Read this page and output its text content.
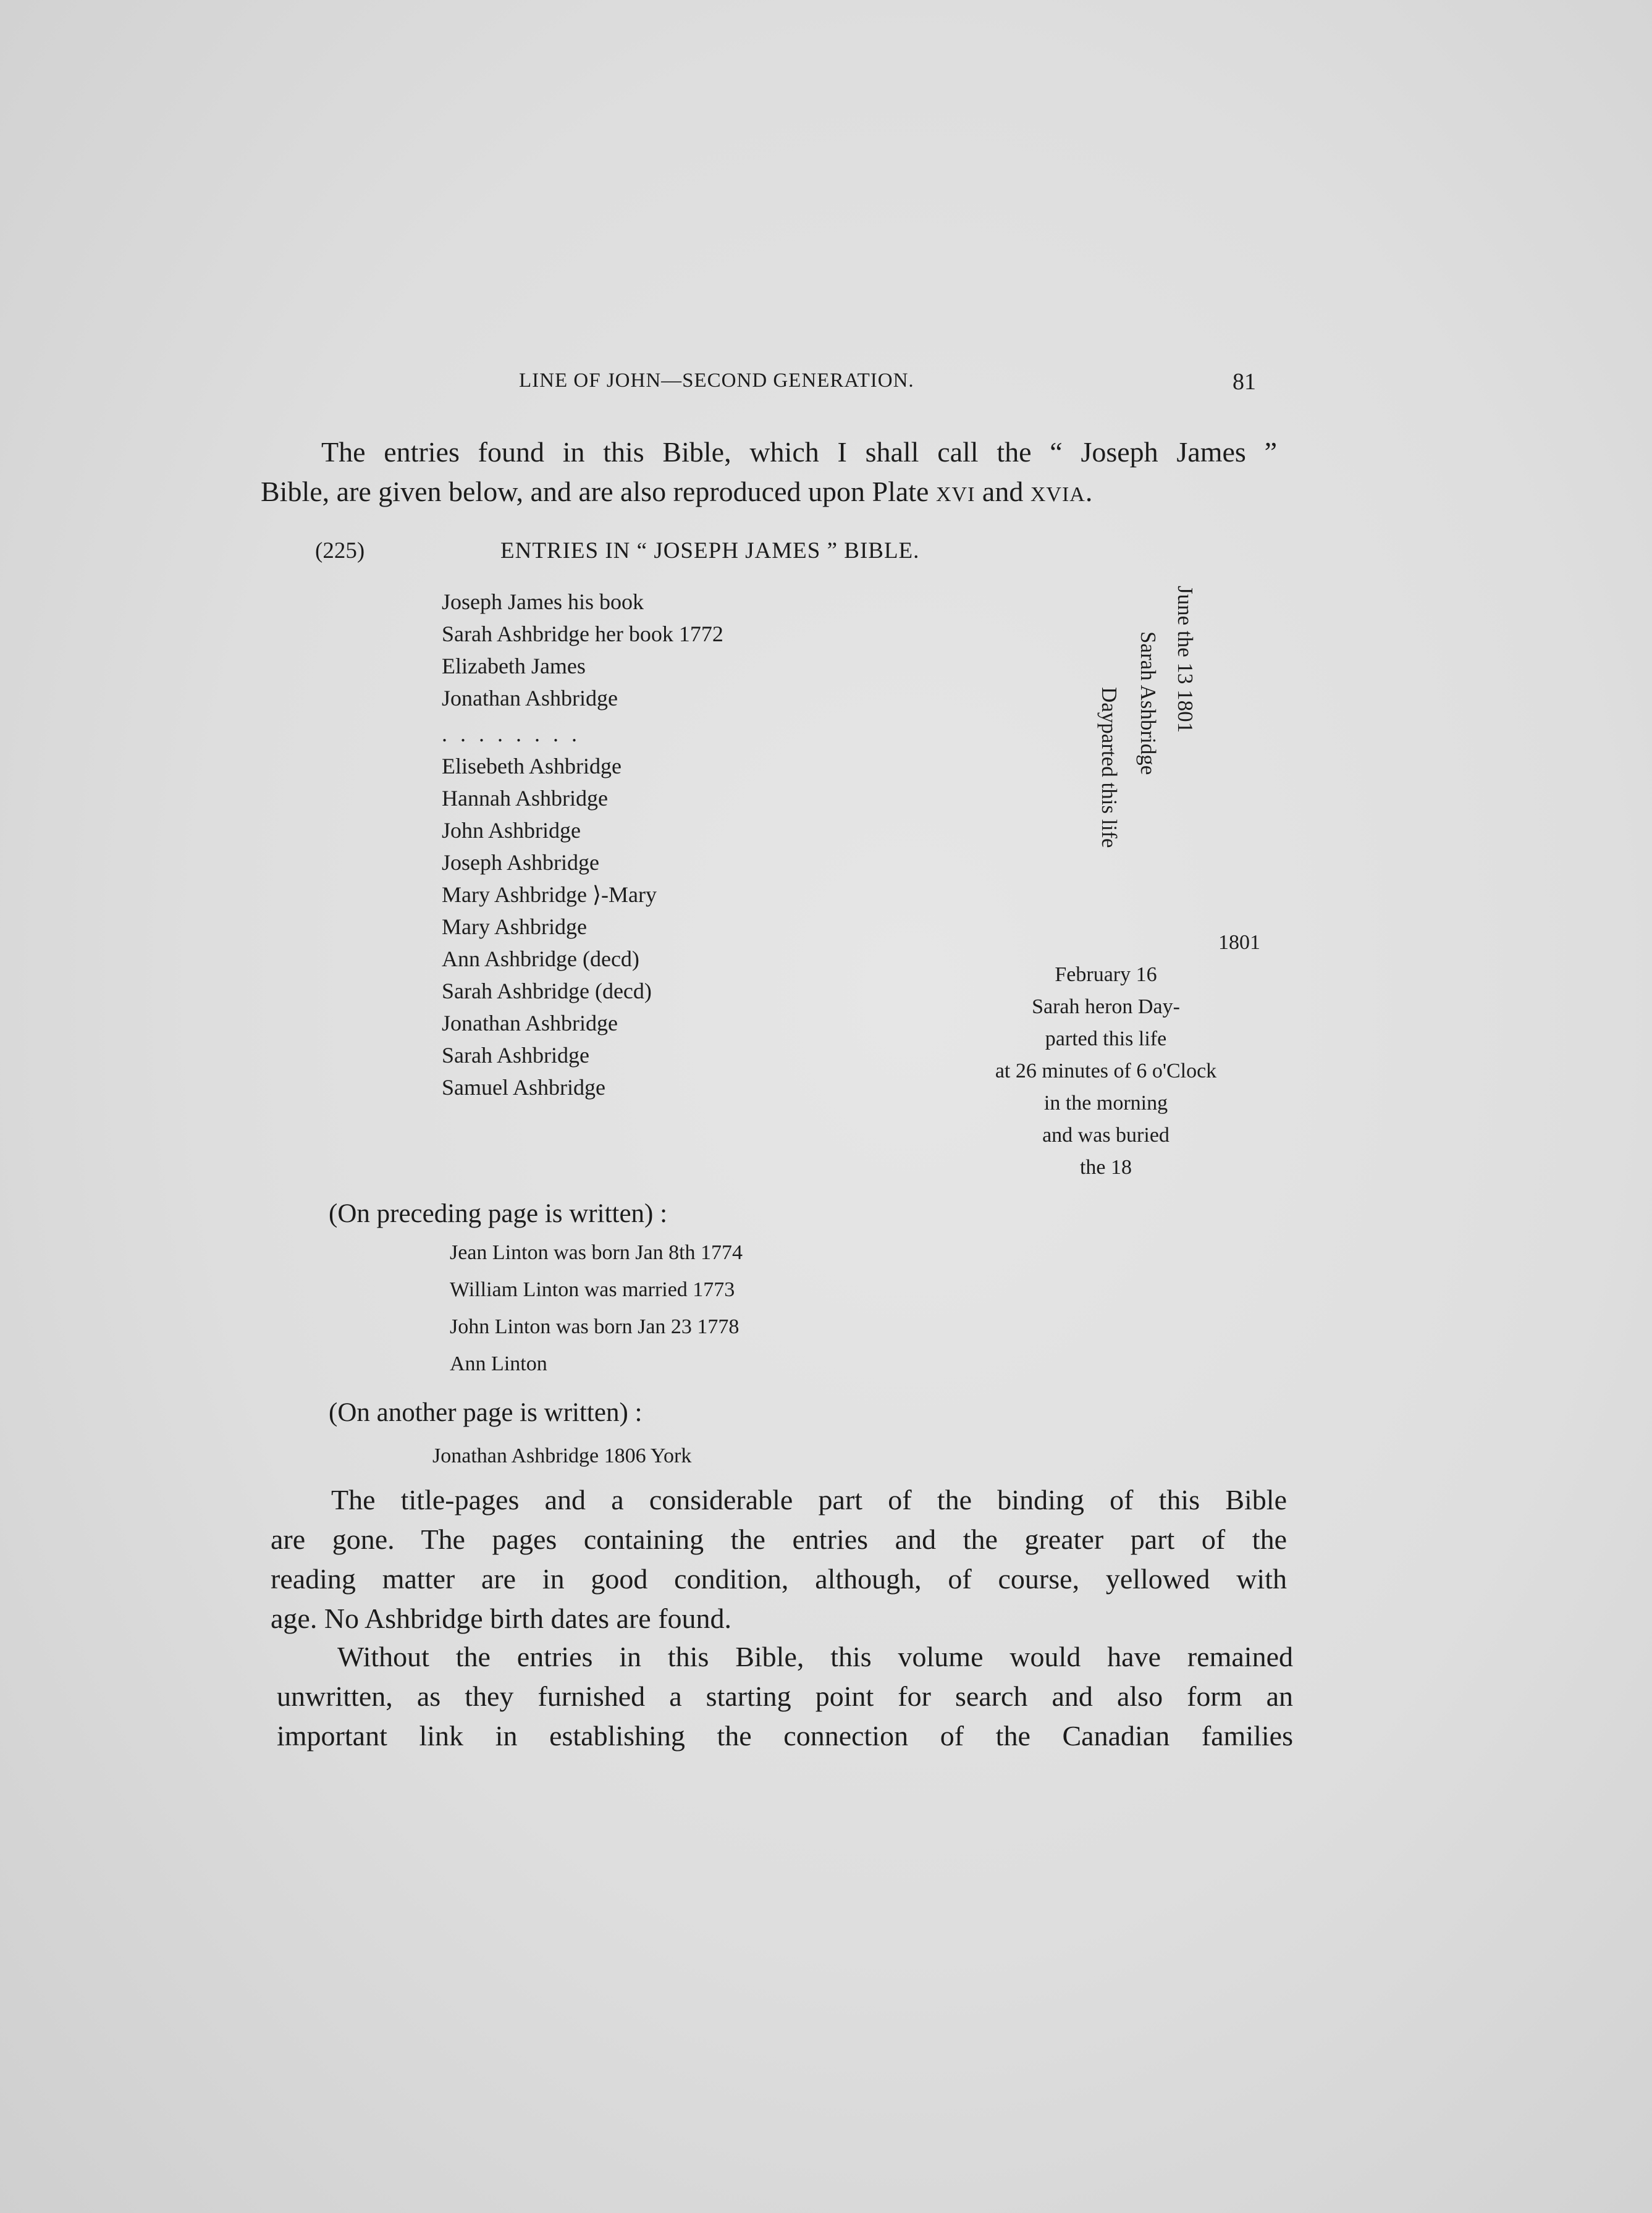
LINE OF JOHN—SECOND GENERATION.	81
The entries found in this Bible, which I shall call the “ Joseph James ”
Bible, are given below, and are also reproduced upon Plate XVI and XVIA.
(225)	ENTRIES IN “ JOSEPH JAMES ” BIBLE.
Joseph James his book
Sarah Ashbridge her book 1772
Elizabeth James
Jonathan Ashbridge
. . . . . . . .
Elisebeth Ashbridge
Hannah Ashbridge
John Ashbridge
Joseph Ashbridge
Mary Ashbridge ⟩-Mary
Mary Ashbridge
Ann Ashbridge (decd)
Sarah Ashbridge (decd)
Jonathan Ashbridge
Sarah Ashbridge
Samuel Ashbridge
June the 13 1801
Sarah Ashbridge
Dayparted this life
1801
February 16
Sarah heron Day-
parted this life
at 26 minutes of 6 o'Clock
in the morning
and was buried
the 18
(On preceding page is written) :
Jean Linton was born Jan 8th 1774
William Linton was married 1773
John Linton was born Jan 23 1778
Ann Linton
(On another page is written) :
Jonathan Ashbridge 1806 York
The title-pages and a considerable part of the binding of this Bible
are gone. The pages containing the entries and the greater part of the
reading matter are in good condition, although, of course, yellowed with
age. No Ashbridge birth dates are found.
Without the entries in this Bible, this volume would have remained
unwritten, as they furnished a starting point for search and also form an
important link in establishing the connection of the Canadian families
